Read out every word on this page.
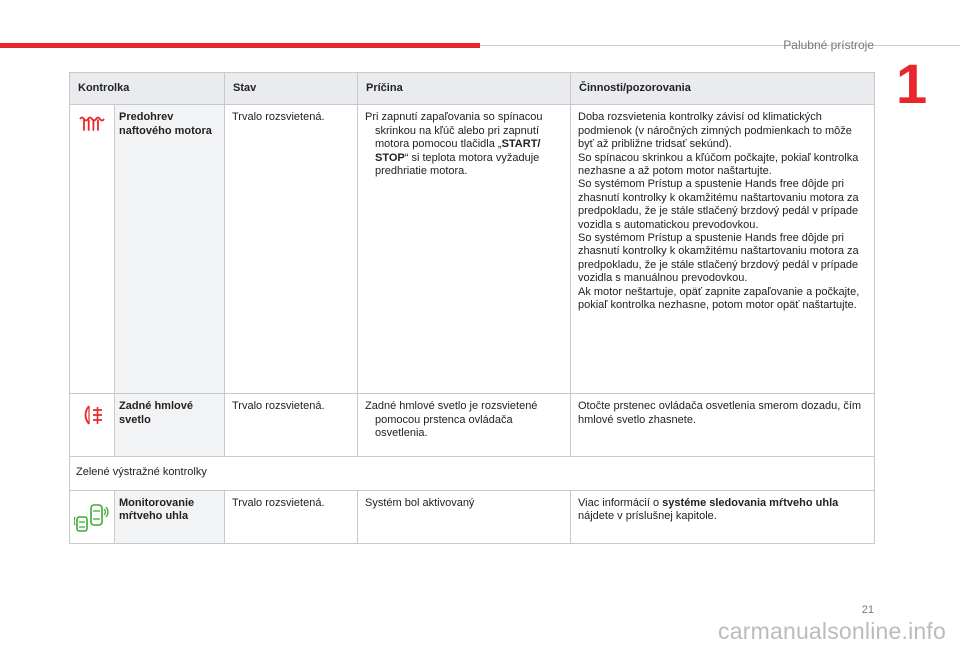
Palubné prístroje
1
Kontrolka		Stav	Príčina	Činnosti/pozorovania

	Predohrev naftového motora	Trvalo rozsvietená.	Pri zapnutí zapaľovania so spínacou skrinkou na kľúč alebo pri zapnutí motora pomocou tlačidla „START/ STOP“ si teplota motora vyžaduje predhriatie motora.	Doba rozsvietenia kontrolky závisí od klimatických podmienok (v náročných zimných podmienkach to môže byť až približne tridsať sekúnd).
So spínacou skrinkou a kľúčom počkajte, pokiaľ kontrolka nezhasne a až potom motor naštartujte.
So systémom Prístup a spustenie Hands free dôjde pri zhasnutí kontrolky k okamžitému naštartovaniu motora za predpokladu, že je stále stlačený brzdový pedál v prípade vozidla s automatickou prevodovkou.
So systémom Prístup a spustenie Hands free dôjde pri zhasnutí kontrolky k okamžitému naštartovaniu motora za predpokladu, že je stále stlačený brzdový pedál v prípade vozidla s manuálnou prevodovkou.
Ak motor neštartuje, opäť zapnite zapaľovanie a počkajte, pokiaľ kontrolka nezhasne, potom motor opäť naštartujte.

	Zadné hmlové svetlo	Trvalo rozsvietená.	Zadné hmlové svetlo je rozsvietené pomocou prstenca ovládača osvetlenia.	Otočte prstenec ovládača osvetlenia smerom dozadu, čím hmlové svetlo zhasnete.
Zelené výstražné kontrolky				

	Monitorovanie mŕtveho uhla	Trvalo rozsvietená.	Systém bol aktivovaný	Viac informácií o systéme sledovania mŕtveho uhla nájdete v príslušnej kapitole.
21
carmanualsonline.info
